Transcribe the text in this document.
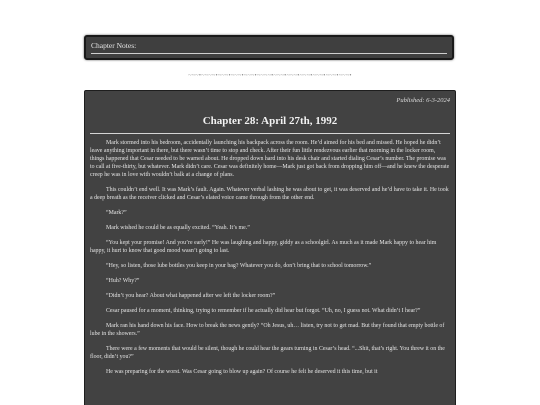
Chapter Notes:
~~~•~~~~•~~~•~~~•~~~•~~~~•~~~•~~~•~~~•~~~•~~~•~~~•
Published: 6-3-2024
Chapter 28: April 27th, 1992

Mark stormed into his bedroom, accidentally launching his backpack across the room. He’d aimed for his bed and missed. He hoped he didn’t leave anything important in there, but there wasn’t time to stop and check. After their fun little rendezvous earlier that morning in the locker room, things happened that Cesar needed to be warned about. He dropped down hard into his desk chair and started dialing Cesar’s number. The promise was to call at five-thirty, but whatever. Mark didn’t care. Cesar was definitely home—Mark just got back from dropping him off—and he knew the desperate creep he was in love with wouldn’t balk at a change of plans.

This couldn’t end well. It was Mark’s fault. Again. Whatever verbal lashing he was about to get, it was deserved and he’d have to take it. He took a deep breath as the receiver clicked and Cesar’s elated voice came through from the other end.

“Mark?”

Mark wished he could be as equally excited. “Yeah. It’s me.”

“You kept your promise! And you’re early!” He was laughing and happy, giddy as a schoolgirl. As much as it made Mark happy to hear him happy, it hurt to know that good mood wasn’t going to last.

“Hey, so listen, those lube bottles you keep in your bag? Whatever you do, don’t bring that to school tomorrow.”

“Huh? Why?”

“Didn’t you hear? About what happened after we left the locker room?”

Cesar paused for a moment, thinking, trying to remember if he actually did hear but forgot. “Uh, no, I guess not. What didn’t I hear?”

Mark ran his hand down his face. How to break the news gently? “Oh Jesus, uh… listen, try not to get mad. But they found that empty bottle of lube in the showers.”

There were a few moments that would be silent, though he could hear the gears turning in Cesar’s head. “...Shit, that’s right. You threw it on the floor, didn’t you?”

He was preparing for the worst. Was Cesar going to blow up again? Of course he felt he deserved it this time, but it
